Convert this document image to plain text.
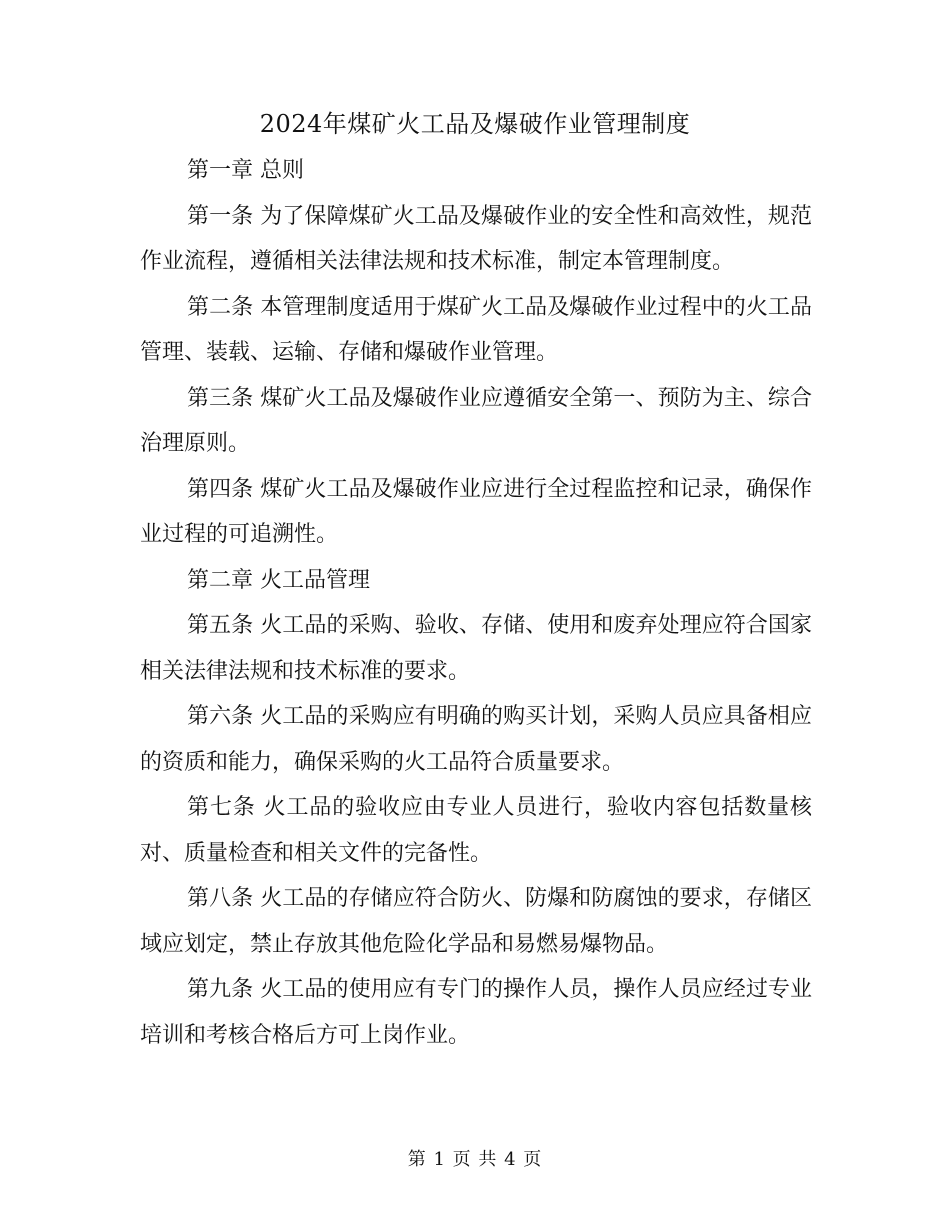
2024年煤矿火工品及爆破作业管理制度

第一章 总则

第一条 为了保障煤矿火工品及爆破作业的安全性和高效性，规范作业流程，遵循相关法律法规和技术标准，制定本管理制度。

第二条 本管理制度适用于煤矿火工品及爆破作业过程中的火工品管理、装载、运输、存储和爆破作业管理。

第三条 煤矿火工品及爆破作业应遵循安全第一、预防为主、综合治理原则。

第四条 煤矿火工品及爆破作业应进行全过程监控和记录，确保作业过程的可追溯性。

第二章 火工品管理

第五条 火工品的采购、验收、存储、使用和废弃处理应符合国家相关法律法规和技术标准的要求。

第六条 火工品的采购应有明确的购买计划，采购人员应具备相应的资质和能力，确保采购的火工品符合质量要求。

第七条 火工品的验收应由专业人员进行，验收内容包括数量核对、质量检查和相关文件的完备性。

第八条 火工品的存储应符合防火、防爆和防腐蚀的要求，存储区域应划定，禁止存放其他危险化学品和易燃易爆物品。

第九条 火工品的使用应有专门的操作人员，操作人员应经过专业培训和考核合格后方可上岗作业。

第 1 页 共 4 页
